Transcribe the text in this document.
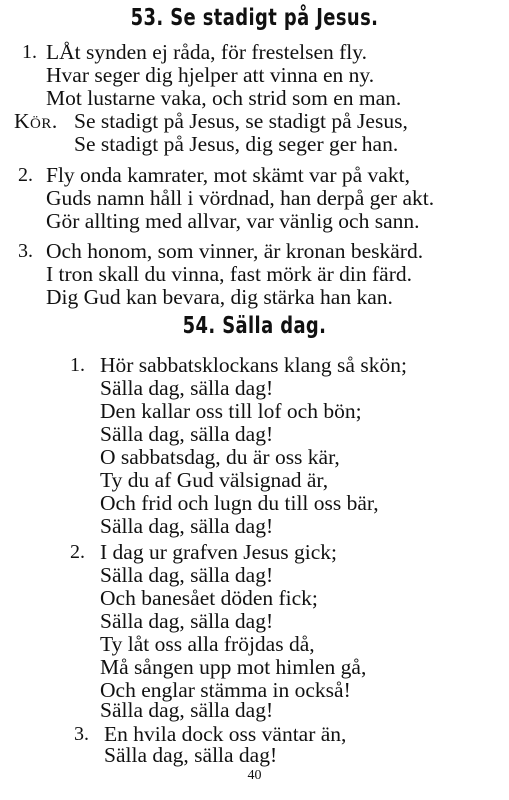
53. Se stadigt på Jesus.
1. LÅt synden ej råda, för frestelsen fly.
Hvar seger dig hjelper att vinna en ny.
Mot lustarne vaka, och strid som en man.
Kör. Se stadigt på Jesus, se stadigt på Jesus,
Se stadigt på Jesus, dig seger ger han.
2. Fly onda kamrater, mot skämt var på vakt,
Guds namn håll i vördnad, han derpå ger akt.
Gör allting med allvar, var vänlig och sann.
3. Och honom, som vinner, är kronan beskärd.
I tron skall du vinna, fast mörk är din färd.
Dig Gud kan bevara, dig stärka han kan.
54. Sälla dag.
1. Hör sabbatsklockans klang så skön;
Sälla dag, sälla dag!
Den kallar oss till lof och bön;
Sälla dag, sälla dag!
O sabbatsdag, du är oss kär,
Ty du af Gud välsignad är,
Och frid och lugn du till oss bär,
Sälla dag, sälla dag!
2. I dag ur grafven Jesus gick;
Sälla dag, sälla dag!
Och banesået döden fick;
Sälla dag, sälla dag!
Ty låt oss alla fröjdas då,
Må sången upp mot himlen gå,
Och englar stämma in också!
Sälla dag, sälla dag!
3. En hvila dock oss väntar än,
Sälla dag, sälla dag!
40
